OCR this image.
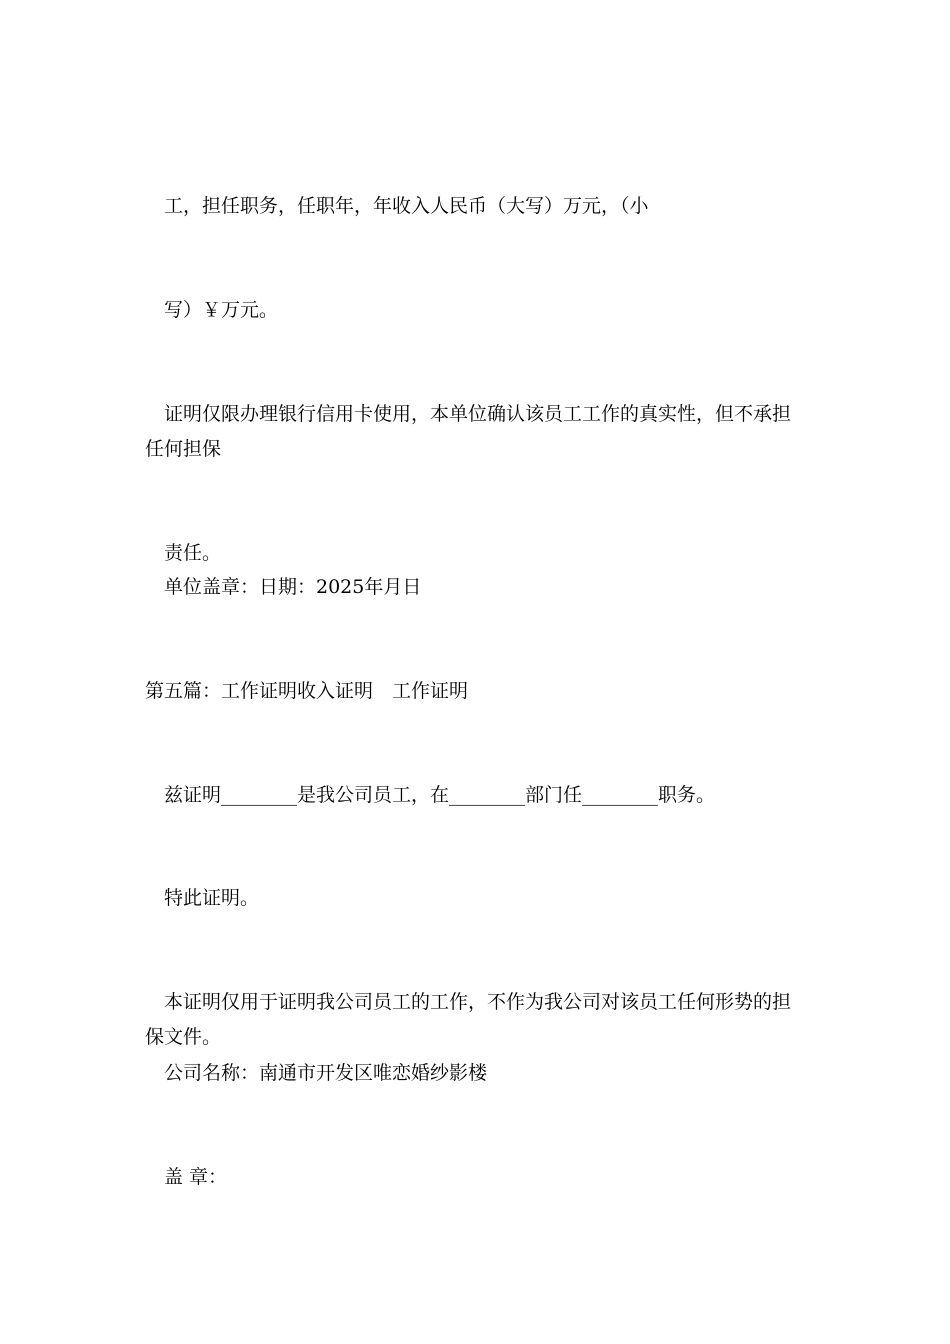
工，担任职务，任职年，年收入人民币（大写）万元，（小
写）￥万元。
证明仅限办理银行信用卡使用，本单位确认该员工工作的真实性，但不承担
任何担保
责任。
单位盖章：日期：2025年月日
第五篇：工作证明收入证明　工作证明
兹证明________是我公司员工，在________部门任________职务。
特此证明。
本证明仅用于证明我公司员工的工作，不作为我公司对该员工任何形势的担
保文件。
公司名称：南通市开发区唯恋婚纱影楼
盖 章：
